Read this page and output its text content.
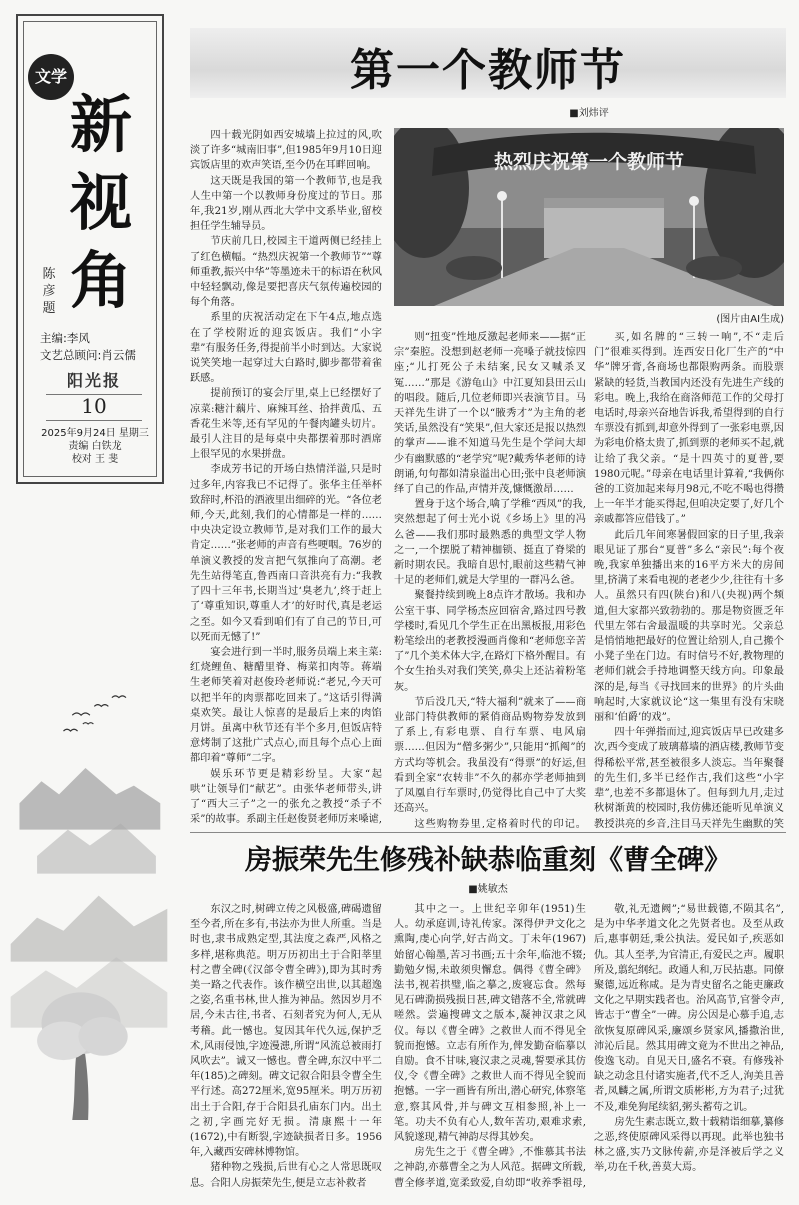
文学
新
视
角
陈彦题
主编:李风
文艺总顾问:肖云儒
阳光报
10
2025年9月24日 星期三
责编 白铁龙
校对 王 斐
第一个教师节
■刘炜评

四十载光阴如西安城墙上拉过的风,吹淡了许多“城南旧事”,但1985年9月10日迎宾饭店里的欢声笑语,至今仍在耳畔回响。

这天既是我国的第一个教师节,也是我人生中第一个以教师身份度过的节日。那年,我21岁,刚从西北大学中文系毕业,留校担任学生辅导员。

节庆前几日,校园主干道两侧已经挂上了红色横幅。“热烈庆祝第一个教师节”“尊师重教,振兴中华”等墨迹未干的标语在秋风中轻轻飘动,像是要把喜庆气氛传遍校园的每个角落。

系里的庆祝活动定在下午4点,地点选在了学校附近的迎宾饭店。我们“小字辈”有服务任务,得提前半小时到达。大家说说笑笑地一起穿过大白路时,脚步都带着雀跃感。

提前预订的宴会厅里,桌上已经摆好了凉菜:糖汁藕片、麻辣耳丝、拾拌黄瓜、五香花生米等,还有罕见的午餐肉罐头切片。最引人注目的是每桌中央都摆着那时酒席上很罕见的水果拼盘。

李成芳书记的开场白热情洋溢,只是时过多年,内容我已不记得了。张华主任举杯致辞时,杯沿的酒液里出细碎的光。“各位老师,今天,此刻,我们的心情都是一样的……中央决定设立教师节,是对我们工作的最大肯定……”张老师的声音有些哽咽。76岁的单演义教授的发言把气氛推向了高潮。老先生站得笔直,鲁西南口音洪亮有力:“我教了四十三年书,长期当过‘臭老九’,终于赶上了‘尊重知识,尊重人才’的好时代,真是老运之至。如今又看到咱们有了自己的节日,可以死而无憾了!”

宴会进行到一半时,服务员端上来主菜:红烧鲤鱼、糖醋里脊、梅菜扣肉等。蒋端生老师笑着对赵俊玲老师说:“老兄,今天可以把半年的肉票都吃回来了。”这话引得满桌欢笑。最让人惊喜的是最后上来的肉馅月饼。虽离中秋节还有半个多月,但饭店特意烤制了这批广式点心,而且每个点心上面都印着“尊师”二字。

娱乐环节更是精彩纷呈。大家“起哄”让领导们“献艺”。由张华老师带头,讲了“西大三子”之一的张允之教授“杀子不采”的故事。系副主任赵俊贤老师厉来嗓谑,

热烈庆祝第一个教师节
(图片由AI生成)

则“扭变”性地反激起老师来——据“正宗”秦腔。没想到赵老师一亮嗓子就技惊四座;“儿打死公子未结案,民女又喊杀叉冤……”那是《游龟山》中江夏知县田云山的唱段。随后,几位老师即兴表演节目。马天祥先生讲了一个以“腋秀才”为主角的老笑话,虽然没有“笑果”,但大家还是报以热烈的掌声——谁不知道马先生是个学问大却少有幽默感的“老学究”呢?戴秀华老师的诗朗诵,句句都如清泉溢出心田;张中良老师演绎了自己的作品,声情并茂,慷慨激昂……

置身于这个场合,噙了学稚“西凤”的我,突然想起了何士光小说《乡场上》里的冯么爸——我们那时最熟悉的典型文学人物之一,一个摆脱了精神枷锁、挺直了脊梁的新时期农民。我暗自思忖,眼前这些精气神十足的老师们,就是大学里的一群冯么爸。

聚餐持续到晚上8点许才散场。我和办公室干事、同学杨杰应回宿舍,路过四号教学楼时,看见几个学生正在出黑板报,用彩色粉笔绘出的老教授漫画肖像和“老师您辛苦了”几个美术体大字,在路灯下格外醒目。有个女生抬头对我们笑笑,鼻尖上还沾着粉笔灰。

节后没几天,“特大福利”就来了——商业部门特供教师的紧俏商品购物券发放到了系上,有彩电票、自行车票、电风扇票……但因为“僧多粥少”,只能用“抓阄”的方式均等机会。我虽没有“得票”的好运,但看到全家“农转非”不久的郝亦学老师抽到了凤凰自行车票时,仍觉得比自己中了大奖还高兴。

这些购物券里,定格着时代的印记。

买,如名牌的“三转一响”,不“走后门”很难买得到。连西安日化厂生产的“中华”牌牙膏,各商场也都限购两条。而股票紧缺的轻货,当教国内还没有先进生产线的彩电。晚上,我给在商洛师范工作的父母打电话时,母亲兴奋地告诉我,希望得到的自行车票没有抓到,却意外得到了一张彩电票,因为彩电价格太贵了,抓到票的老师买不起,就让给了我父亲。“是十四英寸的夏普,要1980元呢。”母亲在电话里计算着,“我俩你爸的工资加起来每月98元,不吃不喝也得攒上一年半才能买得起,但咱决定要了,好几个亲戚都答应借钱了。”

此后几年间寒暑假回家的日子里,我亲眼见证了那台“夏普”多么“亲民”:每个夜晚,我家单独播出来的16平方米大的房间里,挤满了来看电视的老老少少,往往有十多人。虽然只有四(陕台)和八(央视)两个频道,但大家都兴致勃勃的。那是物资匮乏年代里左邻右舍最温暖的共享时光。父亲总是悄悄地把最好的位置让给别人,自己搬个小凳子坐在门边。有时信号不好,教物理的老师们就会手持地调整天线方向。印象最深的是,每当《寻找回来的世界》的片头曲响起时,大家就议论“这一集里有没有宋晓丽和‘伯爵’的戏”。

四十年弹指而过,迎宾饭店早已改建多次,西今变成了玻璃幕墙的酒店楼,教师节变得稀松平常,甚至被很多人淡忘。当年聚餐的先生们,多半已经作古,我们这些“小字辈”,也差不多都退休了。但每到九月,走过秋树渐黄的校园时,我仿佛还能听见单演义教授洪亮的乡音,注目马天祥先生幽默的笑

房振荣先生修残补缺恭临重刻《曹全碑》
■姚敏杰

东汉之时,树碑立传之风极盛,碑碣遗留至今者,所在多有,书法亦为世人所重。当是时也,隶书成熟定型,其法度之森严,风格之多样,堪称典范。明万历初出土于合阳莘里村之曹全碑(《汉郃令曹全碑》),即为其时秀美一路之代表作。该作横空出世,以其超逸之姿,名重书林,世人推为神品。然因岁月不居,今未古往,书者、石刻者究为何人,无从考稽。此一憾也。复因其年代久远,保护乏术,风雨侵蚀,字迹漫漶,所谓“风流总被雨打风吹去”。诚又一憾也。曹全碑,东汉中平二年(185)之碑刻。碑文记叙合阳县令曹全生平行述。高272厘米,宽95厘米。明万历初出土于合阳,存于合阳县孔庙东门内。出土之初,字画完好无损。清康熙十一年(1672),中有断裂,字迹缺损者日多。1956年,入藏西安碑林博物馆。

猪种物之残损,后世有心之人常思既叹息。合阳人房振荣先生,便是立志补救者

其中之一。上世纪辛卯年(1951)生人。幼承庭训,诗礼传家。深得伊尹文化之熏陶,虔心向学,好古尚文。丁未年(1967)始留心翰墨,苦习书画;五十余年,临池不辍;勤勉夕惕,未敢须臾懈怠。偶得《曹全碑》法书,视若拱璧,临之摹之,废寝忘食。然每见石碑泐损残损日甚,碑文错落不全,常就碑嗟然。尝遍搜碑文之版本,凝神汉隶之风仪。每以《曹全碑》之救世人而不得见全貌而抱憾。立志有所作为,俾发勤奋临摹以自励。食不甘味,寝汉隶之灵魂,誓要承其仿仪,令《曹全碑》之救世人而不得见全貌而抱憾。一字一画皆有所出,潜心研究,体察笔意,察其风骨,并与碑文互相参照,补上一笔。功夫不负有心人,数年苦功,艰难求索,风貌遂现,精气神韵尽得其妙矣。

房先生之于《曹全碑》,不惟慕其书法之神韵,亦慕曹全之为人风范。据碑文所载,曹全修孝道,宽柔致爱,自幼即“收养季祖母,

敬,礼无遗阙”;“易世载德,不陨其名”,是为中华孝道文化之先贤者也。及至从政后,惠事朝廷,秉公执法。爱民如子,疾恶如仇。其人至孝,为官清正,有爱民之声。履职所及,翦纪纲纪。政通人和,万民拈惠。同僚聚德,远近称咸。是为青史留名之能吏廉政文化之早期实践者也。治风高节,官誉令声,皆志于“曹全”一碑。房公因是心慕手追,志欲恢复原碑风采,廉颂乡贤家风,播撒治世,沛沁后昆。然其用碑文竟为不世出之神品,俊逸飞动。自见天日,盛名不衰。有修残补缺之动念且付诸实施者,代不乏人,洵美且善者,凤麟之属,所谓文质彬彬,方为君子;过犹不及,难免狗尾续貂,粥头蓄苟之讥。

房先生素志既立,数十载精诣细摹,纂修之恶,终使原碑风采得以再现。此举也独书林之盛,实乃文脉传薪,亦是泽被后学之义举,功在千秋,善莫大焉。
